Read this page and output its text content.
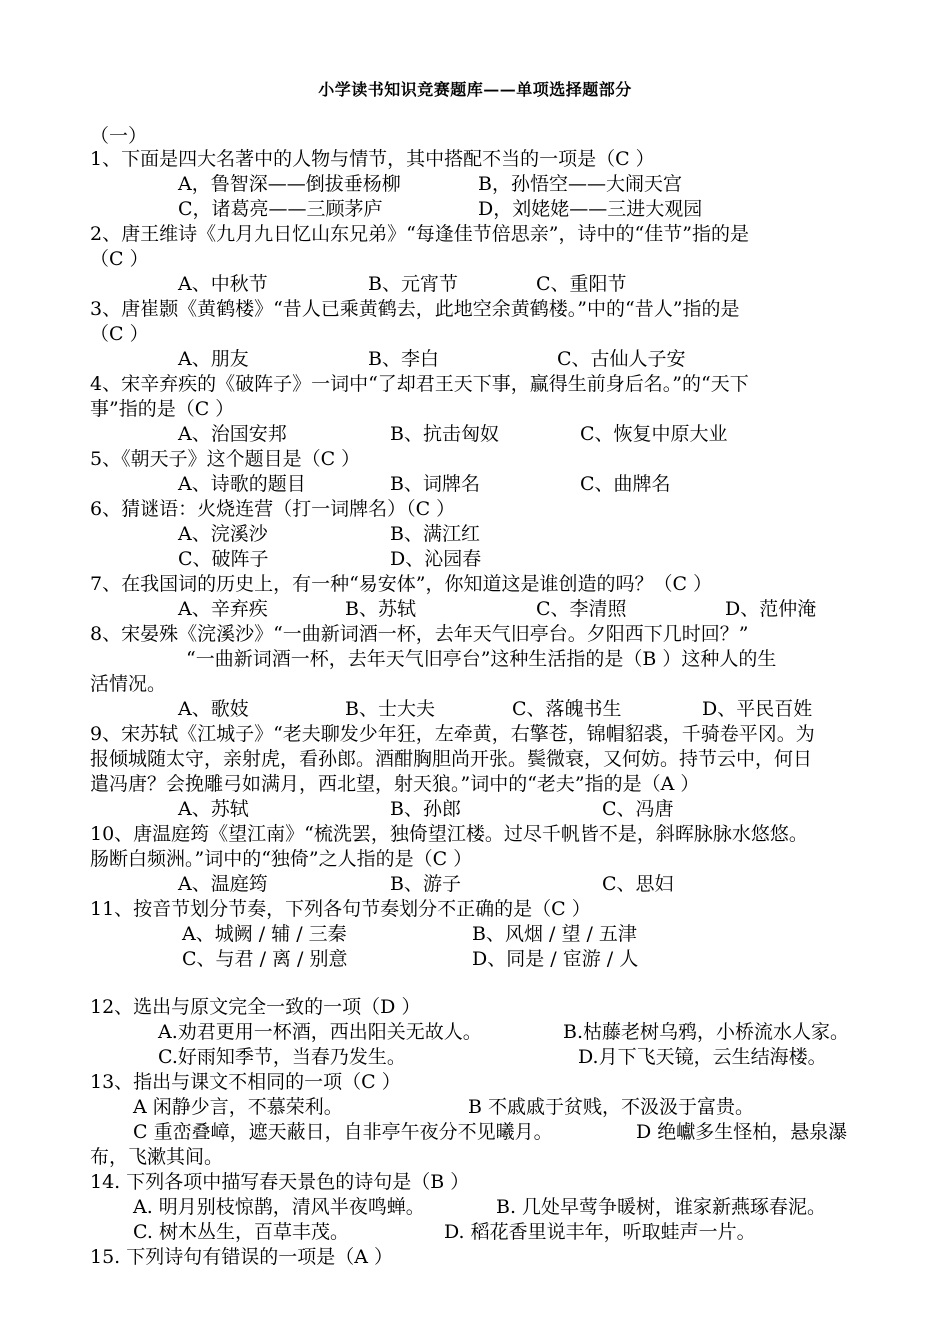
小学读书知识竞赛题库——单项选择题部分
（一）
1、下面是四大名著中的人物与情节，其中搭配不当的一项是（C ）
A，鲁智深——倒拔垂杨柳	B，孙悟空——大闹天宫
C，诸葛亮——三顾茅庐	D，刘姥姥——三进大观园
2、唐王维诗《九月九日忆山东兄弟》“每逢佳节倍思亲”，诗中的“佳节”指的是
（C ）
A、中秋节	B、元宵节	C、重阳节
3、唐崔颢《黄鹤楼》“昔人已乘黄鹤去，此地空余黄鹤楼。”中的“昔人”指的是
（C ）
A、朋友	B、李白	C、古仙人子安
4、宋辛弃疾的《破阵子》一词中“了却君王天下事，赢得生前身后名。”的“天下
事”指的是（C ）
A、治国安邦	B、抗击匈奴	C、恢复中原大业
5、《朝天子》这个题目是（C ）
A、诗歌的题目	B、词牌名	C、曲牌名
6、猜谜语：火烧连营（打一词牌名）（C ）
A、浣溪沙	B、满江红
C、破阵子	D、沁园春
7、在我国词的历史上，有一种“易安体”，你知道这是谁创造的吗？（C ）
A、辛弃疾	B、苏轼	C、李清照	D、范仲淹
8、宋晏殊《浣溪沙》“一曲新词酒一杯，去年天气旧亭台。夕阳西下几时回？”
“一曲新词酒一杯，去年天气旧亭台”这种生活指的是（B ）这种人的生
活情况。
A、歌妓	B、士大夫	C、落魄书生	D、平民百姓
9、宋苏轼《江城子》“老夫聊发少年狂，左牵黄，右擎苍，锦帽貂裘，千骑卷平冈。为
报倾城随太守，亲射虎，看孙郎。酒酣胸胆尚开张。鬓微衰，又何妨。持节云中，何日
遣冯唐？会挽雕弓如满月，西北望，射天狼。”词中的“老夫”指的是（A ）
A、苏轼	B、孙郎	C、冯唐
10、唐温庭筠《望江南》“梳洗罢，独倚望江楼。过尽千帆皆不是，斜晖脉脉水悠悠。
肠断白频洲。”词中的“独倚”之人指的是（C ）
A、温庭筠	B、游子	C、思妇
11、按音节划分节奏，下列各句节奏划分不正确的是（C ）
A、城阙 / 辅 / 三秦	B、风烟 / 望 / 五津
C、与君 / 离 / 别意	D、同是 / 宦游 / 人
12、选出与原文完全一致的一项（D ）
A.劝君更用一杯酒，西出阳关无故人。	B.枯藤老树乌鸦，小桥流水人家。
C.好雨知季节，当春乃发生。	D.月下飞天镜，云生结海楼。
13、指出与课文不相同的一项（C ）
A 闲静少言，不慕荣利。	B 不戚戚于贫贱，不汲汲于富贵。
C 重峦叠嶂，遮天蔽日，自非亭午夜分不见曦月。	D 绝巘多生怪柏，悬泉瀑
布，飞漱其间。
14. 下列各项中描写春天景色的诗句是（B ）
A. 明月别枝惊鹊，清风半夜鸣蝉。	B. 几处早莺争暖树，谁家新燕琢春泥。
C. 树木丛生，百草丰茂。	D. 稻花香里说丰年，听取蛙声一片。
15. 下列诗句有错误的一项是（A ）
